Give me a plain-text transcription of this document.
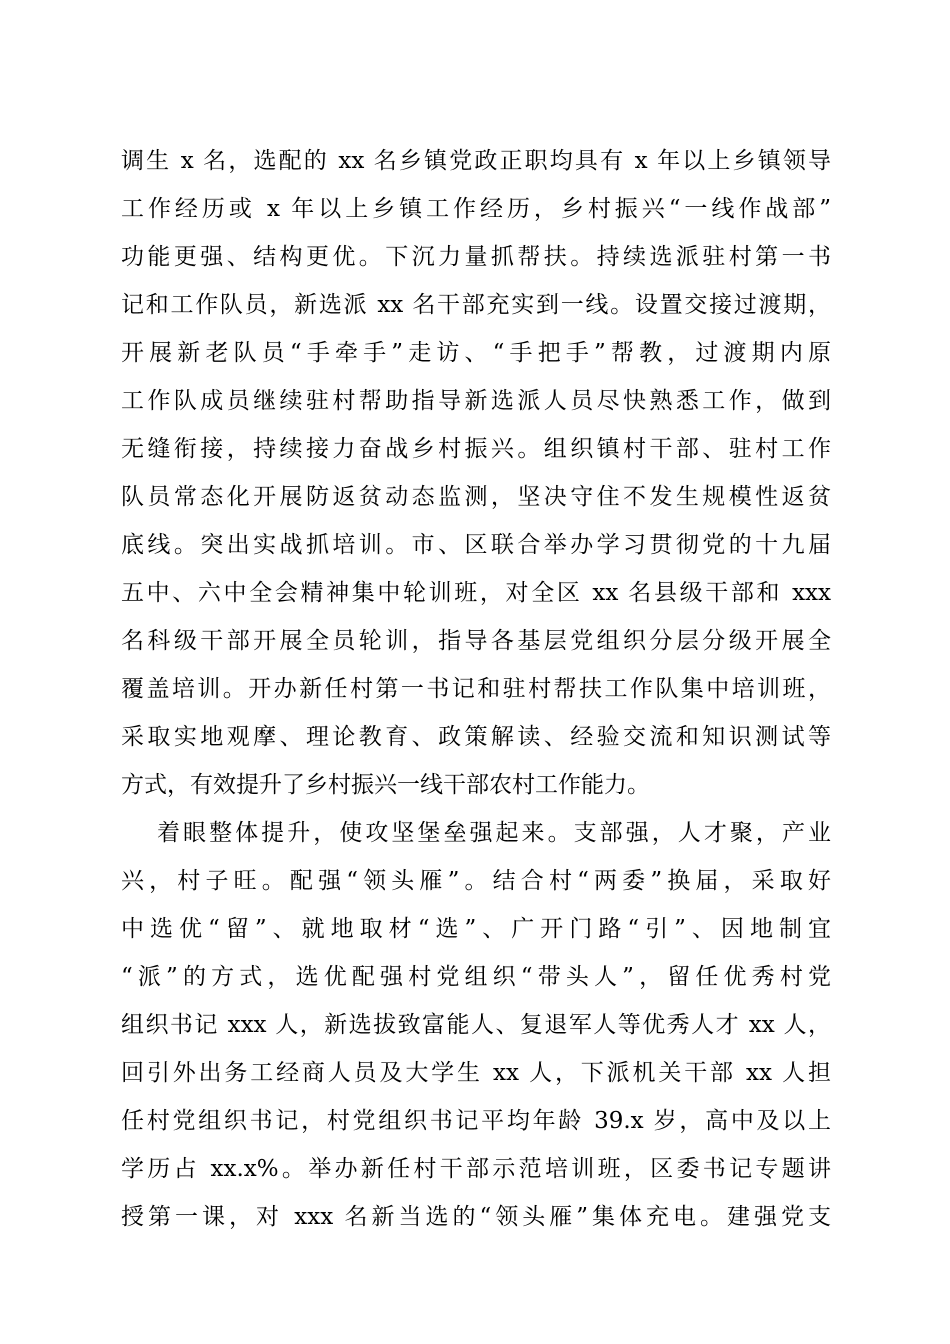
调生 x 名，选配的 xx 名乡镇党政正职均具有 x 年以上乡镇领导
工作经历或 x 年以上乡镇工作经历，乡村振兴“一线作战部”
功能更强、结构更优。下沉力量抓帮扶。持续选派驻村第一书
记和工作队员，新选派 xx 名干部充实到一线。设置交接过渡期，
开展新老队员“手牵手”走访、“手把手”帮教，过渡期内原
工作队成员继续驻村帮助指导新选派人员尽快熟悉工作，做到
无缝衔接，持续接力奋战乡村振兴。组织镇村干部、驻村工作
队员常态化开展防返贫动态监测，坚决守住不发生规模性返贫
底线。突出实战抓培训。市、区联合举办学习贯彻党的十九届
五中、六中全会精神集中轮训班，对全区 xx 名县级干部和 xxx
名科级干部开展全员轮训，指导各基层党组织分层分级开展全
覆盖培训。开办新任村第一书记和驻村帮扶工作队集中培训班，
采取实地观摩、理论教育、政策解读、经验交流和知识测试等
方式，有效提升了乡村振兴一线干部农村工作能力。
着眼整体提升，使攻坚堡垒强起来。支部强，人才聚，产业
兴，村子旺。配强“领头雁”。结合村“两委”换届，采取好
中选优“留”、就地取材“选”、广开门路“引”、因地制宜
“派”的方式，选优配强村党组织“带头人”，留任优秀村党
组织书记 xxx 人，新选拔致富能人、复退军人等优秀人才 xx 人，
回引外出务工经商人员及大学生 xx 人，下派机关干部 xx 人担
任村党组织书记，村党组织书记平均年龄 39.x 岁，高中及以上
学历占 xx.x%。举办新任村干部示范培训班，区委书记专题讲
授第一课，对 xxx 名新当选的“领头雁”集体充电。建强党支
